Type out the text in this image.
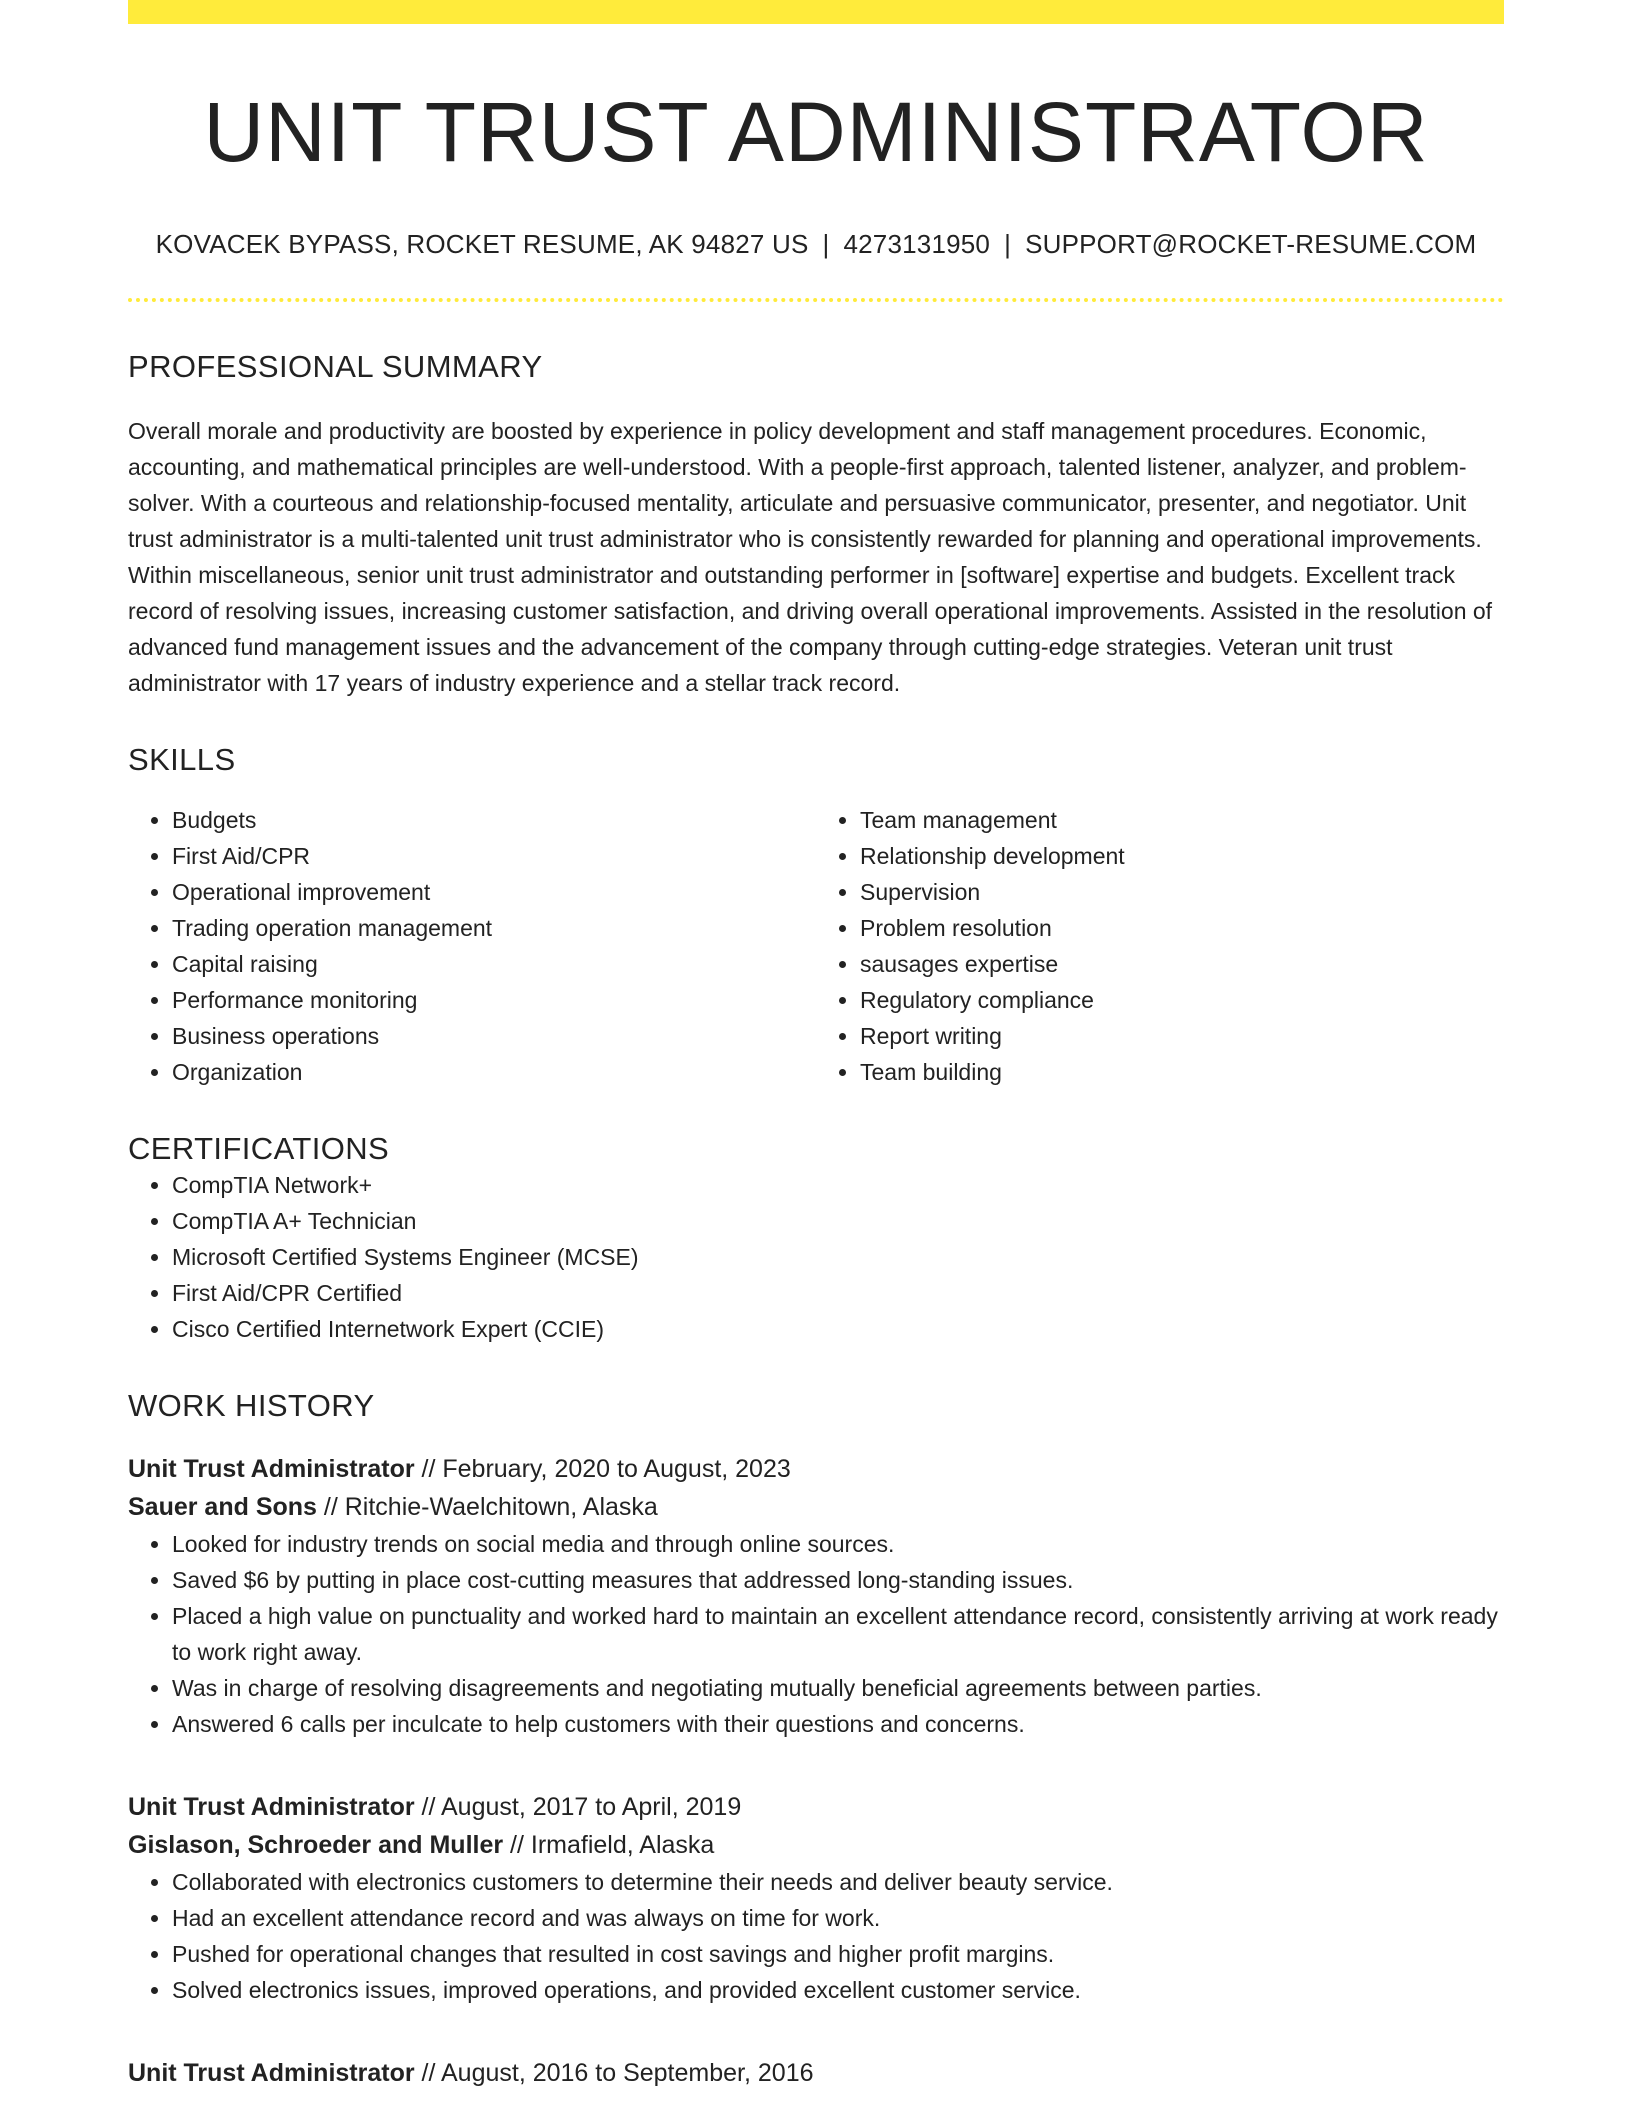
UNIT TRUST ADMINISTRATOR
KOVACEK BYPASS, ROCKET RESUME, AK 94827 US | 4273131950 | SUPPORT@ROCKET-RESUME.COM
PROFESSIONAL SUMMARY

Overall morale and productivity are boosted by experience in policy development and staff management procedures. Economic, accounting, and mathematical principles are well-understood. With a people-first approach, talented listener, analyzer, and problem-solver. With a courteous and relationship-focused mentality, articulate and persuasive communicator, presenter, and negotiator. Unit trust administrator is a multi-talented unit trust administrator who is consistently rewarded for planning and operational improvements. Within miscellaneous, senior unit trust administrator and outstanding performer in [software] expertise and budgets. Excellent track record of resolving issues, increasing customer satisfaction, and driving overall operational improvements. Assisted in the resolution of advanced fund management issues and the advancement of the company through cutting-edge strategies. Veteran unit trust administrator with 17 years of industry experience and a stellar track record.

SKILLS
• Budgets
• First Aid/CPR
• Operational improvement
• Trading operation management
• Capital raising
• Performance monitoring
• Business operations
• Organization
• Team management
• Relationship development
• Supervision
• Problem resolution
• sausages expertise
• Regulatory compliance
• Report writing
• Team building
CERTIFICATIONS
• CompTIA Network+
• CompTIA A+ Technician
• Microsoft Certified Systems Engineer (MCSE)
• First Aid/CPR Certified
• Cisco Certified Internetwork Expert (CCIE)
WORK HISTORY
Unit Trust Administrator // February, 2020 to August, 2023
Sauer and Sons // Ritchie-Waelchitown, Alaska
• Looked for industry trends on social media and through online sources.
• Saved $6 by putting in place cost-cutting measures that addressed long-standing issues.
• Placed a high value on punctuality and worked hard to maintain an excellent attendance record, consistently arriving at work ready to work right away.
• Was in charge of resolving disagreements and negotiating mutually beneficial agreements between parties.
• Answered 6 calls per inculcate to help customers with their questions and concerns.
Unit Trust Administrator // August, 2017 to April, 2019
Gislason, Schroeder and Muller // Irmafield, Alaska
• Collaborated with electronics customers to determine their needs and deliver beauty service.
• Had an excellent attendance record and was always on time for work.
• Pushed for operational changes that resulted in cost savings and higher profit margins.
• Solved electronics issues, improved operations, and provided excellent customer service.
Unit Trust Administrator // August, 2016 to September, 2016
